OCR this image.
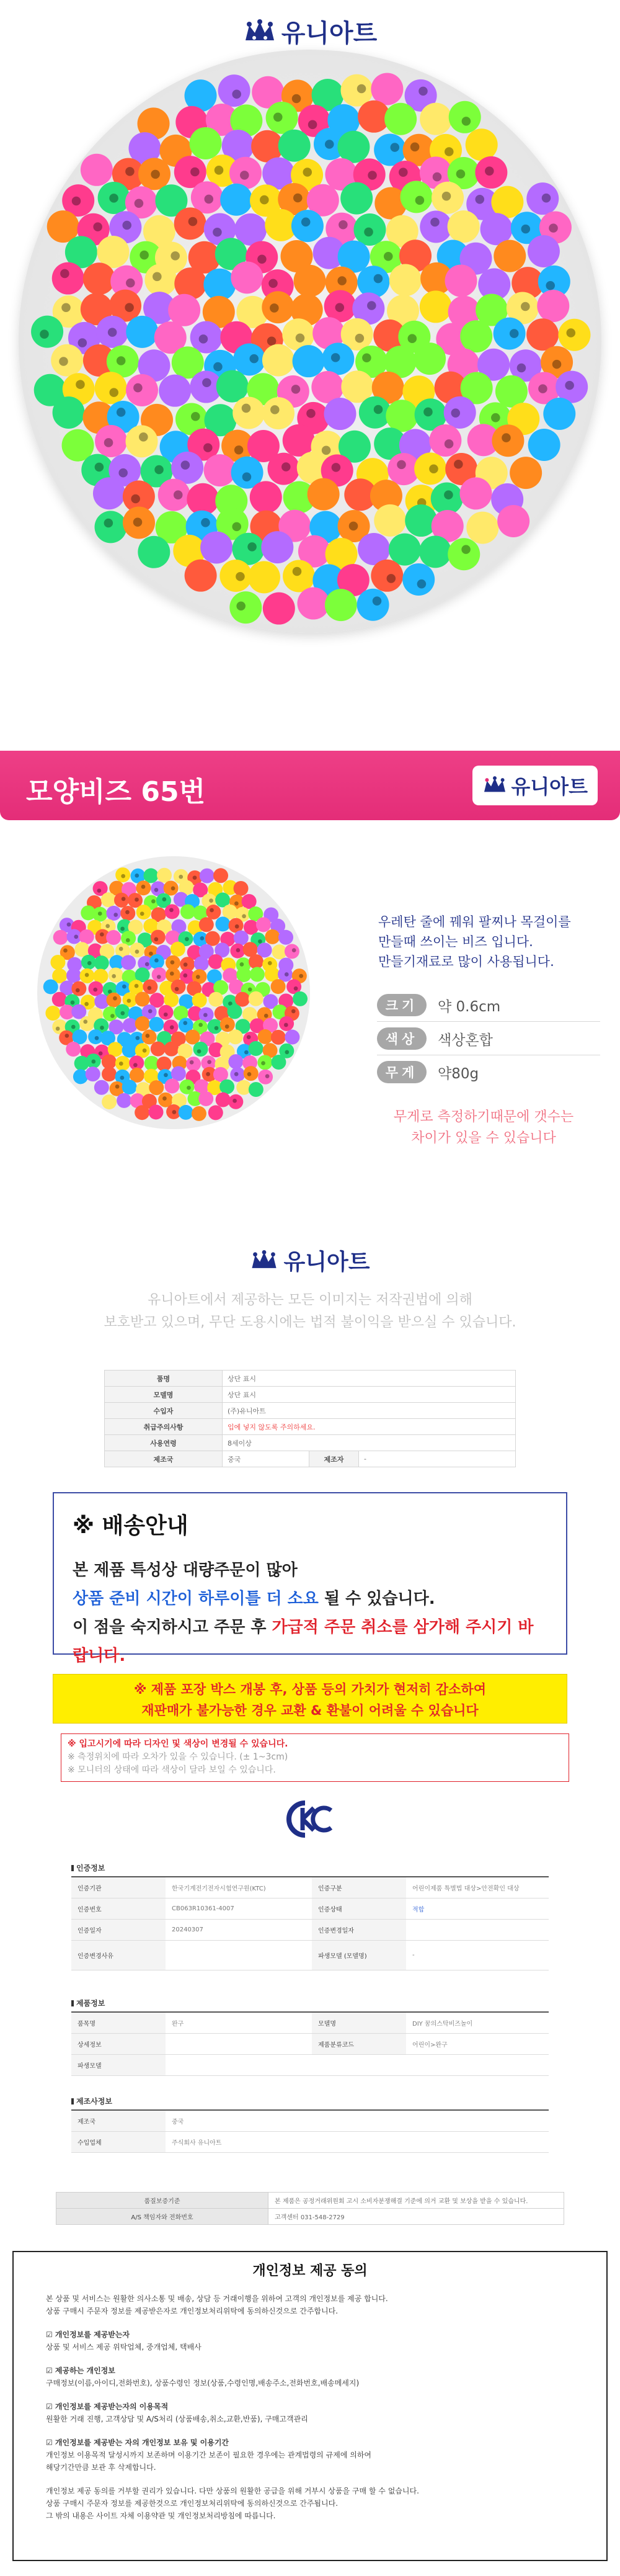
유니아트
모양비즈 65번	유니아트
우레탄 줄에 꿰워 팔찌나 목걸이를
만들때 쓰이는 비즈 입니다.
만들기재료로 많이 사용됩니다.
크기	약 0.6cm
색상	색상혼합
무게	약80g
무게로 측정하기때문에 갯수는
차이가 있을 수 있습니다
유니아트
유니아트에서 제공하는 모든 이미지는 저작권법에 의해
보호받고 있으며, 무단 도용시에는 법적 불이익을 받으실 수 있습니다.
품명	상단 표시		
모델명	상단 표시		
수입자	(주)유니아트		
취급주의사항	입에 넣지 않도록 주의하세요.		
사용연령	8세이상		
제조국	중국	제조자	-
※ 배송안내

본 제품 특성상 대량주문이 많아

상품 준비 시간이 하루이틀 더 소요 될 수 있습니다.

이 점을 숙지하시고 주문 후 가급적 주문 취소를 삼가해 주시기 바랍니다.

※ 제품 포장 박스 개봉 후, 상품 등의 가치가 현저히 감소하여
재판매가 불가능한 경우 교환 & 환불이 어려울 수 있습니다
※ 입고시기에 따라 디자인 및 색상이 변경될 수 있습니다.
※ 측정위치에 따라 오차가 있을 수 있습니다. (± 1~3cm)
※ 모니터의 상태에 따라 색상이 달라 보일 수 있습니다.
인증정보
인증기관	한국기계전기전자시험연구원(KTC)	인증구분	어린이제품 특별법 대상>안전확인 대상
인증번호	CB063R10361-4007	인증상태	적합
인증일자	20240307	인증변경일자	
인증변경사유		파생모델 (모델명)	-
제품정보
품목명	완구	모델명	DIY 꿈의스탁비즈놀이
상세정보		제품분류코드	어린이>완구
파생모델			
제조사정보
제조국	중국
수입업체	주식회사 유니아트
품질보증기준	본 제품은 공정거래위원회 고시 소비자분쟁해결 기준에 의거 교환 및 보상을 받을 수 있습니다.
A/S 책임자와 전화번호	고객센터 031-548-2729
개인정보 제공 동의

본 상품 및 서비스는 원활한 의사소통 및 배송, 상담 등 거래이행을 위하여 고객의 개인정보를 제공 합니다.

상품 구매시 주문자 정보를 제공받은자로 개인정보처리위탁에 동의하신것으로 간주합니다.

☑ 개인정보를 제공받는자

상품 및 서비스 제공 위탁업체, 중개업체, 택배사

☑ 제공하는 개인정보

구매정보(이름,아이디,전화번호), 상품수령인 정보(상품,수령인명,배송주소,전화번호,배송메세지)

☑ 개인정보를 제공받는자의 이용목적

원활한 거래 진행, 고객상담 및 A/S처리 (상품배송,취소,교환,반품), 구매고객관리

☑ 개인정보를 제공받는 자의 개인정보 보유 및 이용기간

개인정보 이용목적 달성시까지 보존하며 이용기간 보존이 필요한 경우에는 관계법령의 규제에 의하여

해당기간만큼 보관 후 삭제합니다.

개인정보 제공 동의를 거부할 권리가 있습니다. 다만 상품의 원활한 공급을 위해 거부시 상품을 구매 할 수 없습니다.

상품 구매시 주문자 정보를 제공한것으로 개인정보처리위탁에 동의하신것으로 간주됩니다.

그 밖의 내용은 사이트 자체 이용약관 및 개인정보처리방침에 따릅니다.
